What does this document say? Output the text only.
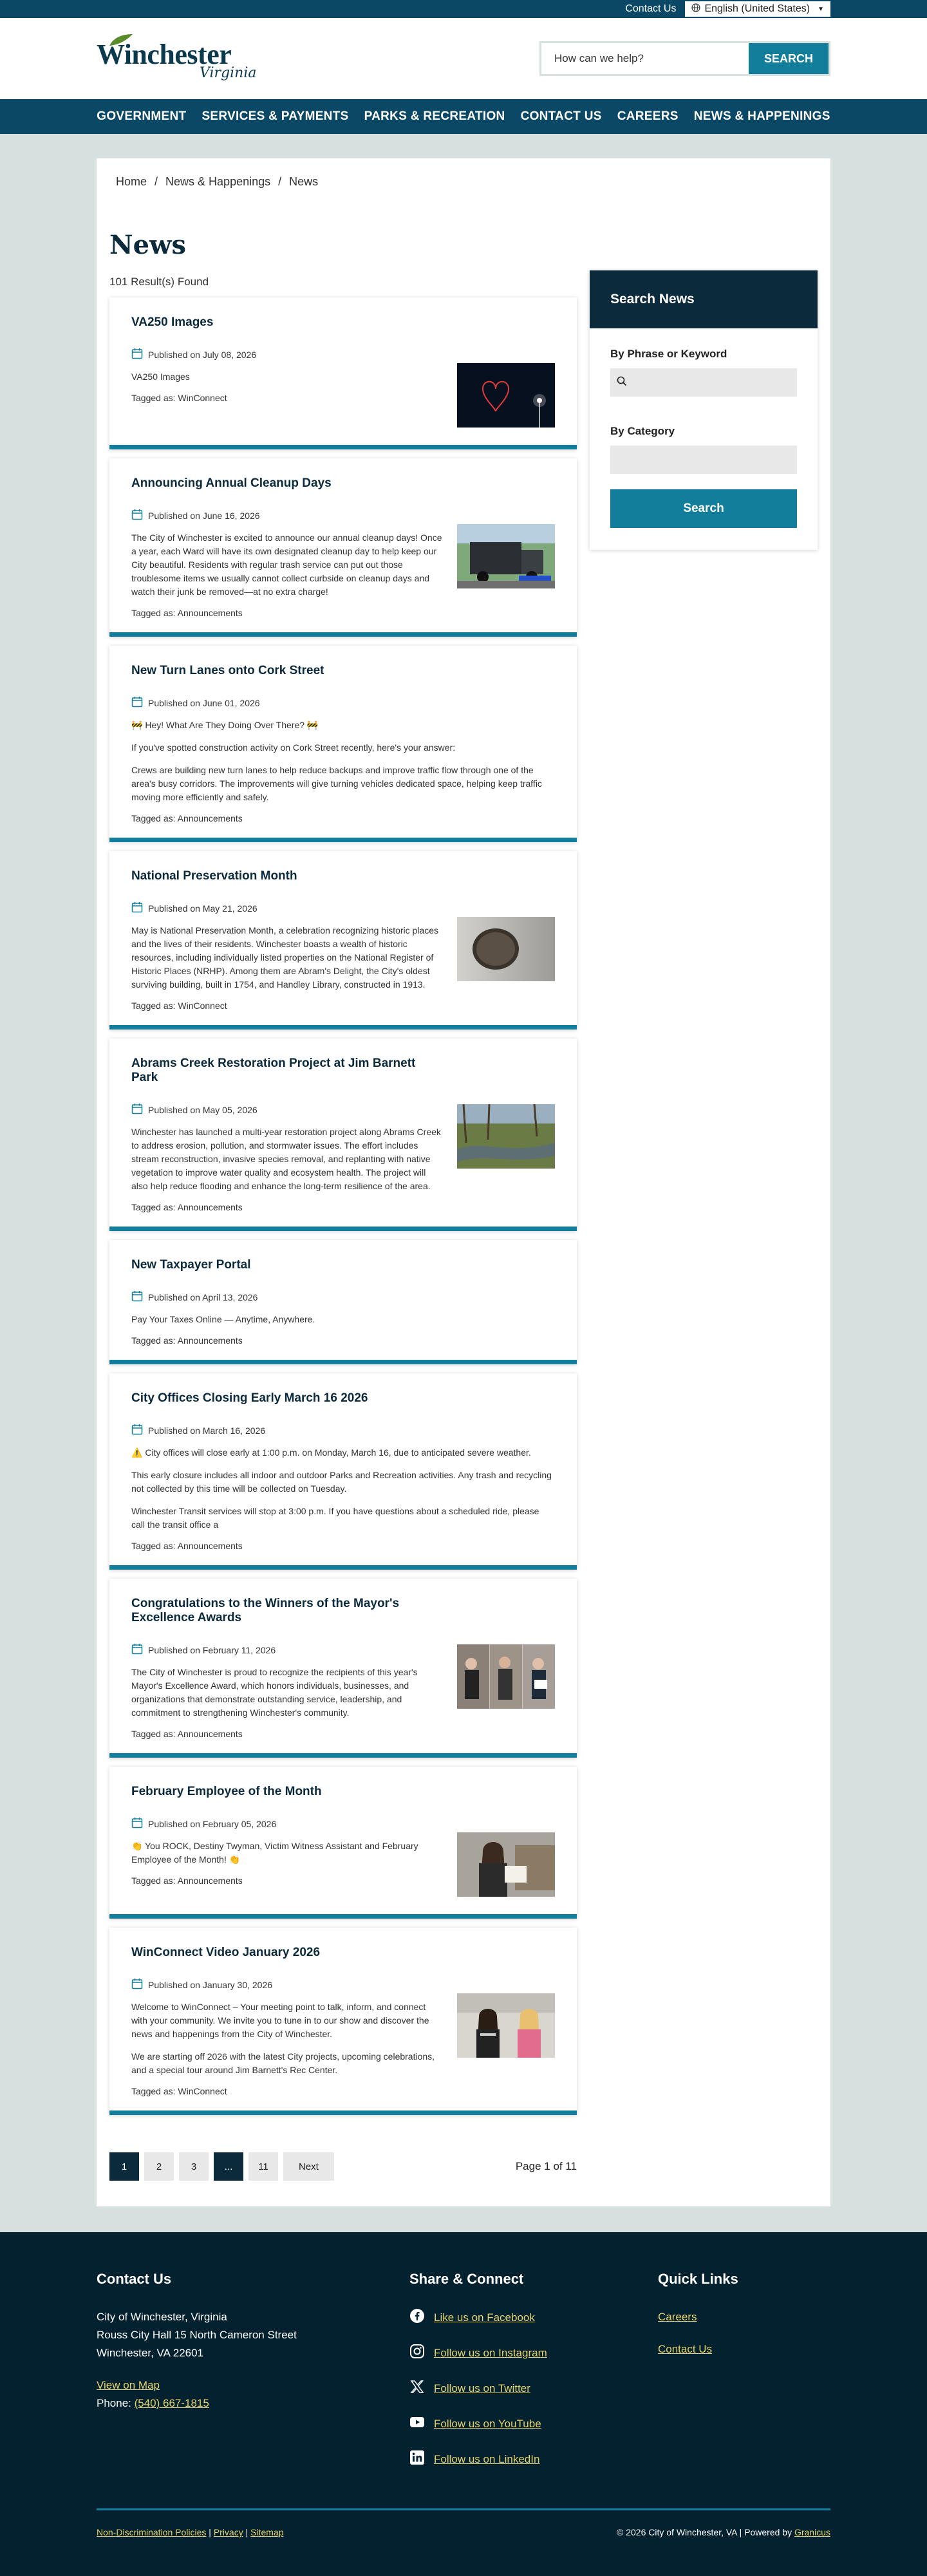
Contact Us	English (United States) ▼
Winchester
Virginia
How can we help?
SEARCH
GOVERNMENT SERVICES & PAYMENTS PARKS & RECREATION CONTACT US CAREERS NEWS & HAPPENINGS
Home / News & Happenings / News
News
101 Result(s) Found
VA250 Images
Published on July 08, 2026

VA250 Images

Tagged as: WinConnect
Announcing Annual Cleanup Days
Published on June 16, 2026

The City of Winchester is excited to announce our annual cleanup days! Once a year, each Ward will have its own designated cleanup day to help keep our City beautiful. Residents with regular trash service can put out those troublesome items we usually cannot collect curbside on cleanup days and watch their junk be removed—at no extra charge!

Tagged as: Announcements
New Turn Lanes onto Cork Street
Published on June 01, 2026

🚧 Hey! What Are They Doing Over There? 🚧

If you've spotted construction activity on Cork Street recently, here's your answer:

Crews are building new turn lanes to help reduce backups and improve traffic flow through one of the area's busy corridors. The improvements will give turning vehicles dedicated space, helping keep traffic moving more efficiently and safely.

Tagged as: Announcements
National Preservation Month
Published on May 21, 2026

May is National Preservation Month, a celebration recognizing historic places and the lives of their residents. Winchester boasts a wealth of historic resources, including individually listed properties on the National Register of Historic Places (NRHP). Among them are Abram's Delight, the City's oldest surviving building, built in 1754, and Handley Library, constructed in 1913.

Tagged as: WinConnect
Abrams Creek Restoration Project at Jim Barnett Park
Published on May 05, 2026

Winchester has launched a multi-year restoration project along Abrams Creek to address erosion, pollution, and stormwater issues. The effort includes stream reconstruction, invasive species removal, and replanting with native vegetation to improve water quality and ecosystem health. The project will also help reduce flooding and enhance the long-term resilience of the area.

Tagged as: Announcements
New Taxpayer Portal
Published on April 13, 2026

Pay Your Taxes Online — Anytime, Anywhere.

Tagged as: Announcements
City Offices Closing Early March 16 2026
Published on March 16, 2026

⚠️ City offices will close early at 1:00 p.m. on Monday, March 16, due to anticipated severe weather.

This early closure includes all indoor and outdoor Parks and Recreation activities. Any trash and recycling not collected by this time will be collected on Tuesday.

Winchester Transit services will stop at 3:00 p.m. If you have questions about a scheduled ride, please call the transit office a

Tagged as: Announcements
Congratulations to the Winners of the Mayor's Excellence Awards
Published on February 11, 2026

The City of Winchester is proud to recognize the recipients of this year's Mayor's Excellence Award, which honors individuals, businesses, and organizations that demonstrate outstanding service, leadership, and commitment to strengthening Winchester's community.

Tagged as: Announcements
February Employee of the Month
Published on February 05, 2026

👏 You ROCK, Destiny Twyman, Victim Witness Assistant and February Employee of the Month! 👏

Tagged as: Announcements
WinConnect Video January 2026
Published on January 30, 2026

Welcome to WinConnect – Your meeting point to talk, inform, and connect with your community. We invite you to tune in to our show and discover the news and happenings from the City of Winchester.

We are starting off 2026 with the latest City projects, upcoming celebrations, and a special tour around Jim Barnett's Rec Center.

Tagged as: WinConnect
1	2	3	...	11	Next	Page 1 of 11
Search News
By Phrase or Keyword
By Category
Search
Contact Us

City of Winchester, Virginia

Rouss City Hall 15 North Cameron Street

Winchester, VA 22601

View on Map

Phone: (540) 667-1815

Share & Connect
Like us on Facebook
Follow us on Instagram
Follow us on Twitter
Follow us on YouTube
Follow us on LinkedIn
Quick Links

Careers

Contact Us

Non-Discrimination Policies | Privacy | Sitemap	© 2026 City of Winchester, VA | Powered by Granicus
